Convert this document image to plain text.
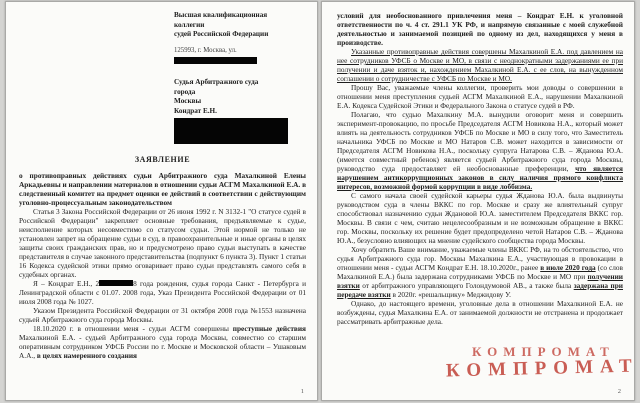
Высшая квалификационная
коллегии
судей Российской Федерации
125993, г. Москва, ул.
Судья Арбитражного суда
города
Москвы
Кондрат Е.Н.
ЗАЯВЛЕНИЕ

о противоправных действиях судьи Арбитражного суда Махалкиной Елены Аркадьевны и направлении материалов в отношении судьи АСГМ Махалкиной Е.А. в следственный комитет на предмет оценки ее действий в соответствии с действующим уголовно-процессуальным законодательством

Статья 3 Закона Российской Федерации от 26 июня 1992 г. N 3132-1 "О статусе судей в Российской Федерации" закрепляет основные требования, предъявляемые к судье, неисполнение которых несовместимо со статусом судьи. Этой нормой не только не установлен запрет на обращение судьи в суд, в правоохранительные и иные органы в целях защиты своих гражданских прав, но и предусмотрено право судьи выступать в качестве представителя в случае законного представительства (подпункт 6 пункта 3). Пункт 1 статьи 16 Кодекса судейской этики прямо оговаривает право судьи представлять самого себя в судебных органах.

Я – Кондрат Е.Н., 2	8 года рождения, судья города Санкт - Петербурга и Ленинградской области с 01.07. 2008 года, Указ Президента Российской Федерации от 01 июля 2008 года № 1027.

Указом Президента Российской Федерации от 31 октября 2008 года №1553 назначена судьей Арбитражного суда города Москвы.

18.10.2020 г. в отношении меня - судьи АСГМ совершены преступные действия Махалкиной Е.А. - судьей Арбитражного суда города Москвы, совместно со старшим оперативным сотрудником УФСБ России по г. Москве и Московской области – Ушаковым А.А., в целях намеренного создания

1

условий для необоснованного привлечения меня – Кондрат Е.Н. к уголовной ответственности по ч. 4 ст. 291.1 УК РФ, и напрямую связанные с моей служебной деятельностью и занимаемой позицией по одному из дел, находящихся у меня в производстве.

Указанные противоправные действия совершены Махалкиной Е.А. под давлением на нее сотрудников УФСБ о Москве и МО, в связи с неоднократными задержаниями ее при получении и даче взяток и, нахождением Махалкиной Е.А. с ее слов, на вынужденном соглашении о сотрудничестве с УФСБ по Москве и МО.

Прошу Вас, уважаемые члены коллегии, проверить мои доводы о совершении в отношении меня преступления судьей АСГМ Махалкиной Е.А., нарушении Махалкиной Е.А. Кодекса Судейской Этики и Федерального Закона о статусе судей в РФ.

Полагаю, что судью Махалкину М.А. вынудили оговорит меня и совершить эксперимент-провокацию, по просьбе Председателя АСГМ Новикова Н.А., который может влиять на деятельность сотрудников УФСБ по Москве и МО в силу того, что Заместитель начальника УФСБ по Москве и МО Натаров С.В. может находится в зависимости от Председателя АСГМ Новикова Н.А., поскольку супруга Натарова С.В. – Жданова Ю.А. (имеется совместный ребенок) является судьей Арбитражного суда города Москвы, руководство суда предоставляет ей необоснованные преференции, что является нарушением антикоррупционных законов в силу наличия прямого конфликта интересов, возможной формой коррупции в виде лоббизма.

С самого начала своей судейской карьеры судья Жданова Ю.А. была выдвинуты руководством суда в члены ВККС по гор. Москве и сразу же влиятельный супруг способствовал назначению судьи Ждановой Ю.А. заместителем Председателя ВККС гор. Москвы. В связи с чем, считаю нецелесообразным и не возможным обращение в ВККС гор. Москвы, поскольку их решение будет предопределено четой Натаров С.В. – Жданова Ю.А., безусловно влияющих на мнение судейского сообщества города Москвы.

Хочу обратить Ваше внимание, уважаемые члены ВККС РФ, на то обстоятельство, что судья Арбитражного суда гор. Москвы Махалкина Е.А., участвующая в провокации в отношении меня - судьи АСГМ Кондрат Е.Н. 18.10.2020г., ранее в июле 2020 года (со слов Махалкиной Е.А.) была задержана сотрудниками УФСБ по Москве и МО при получении взятки от арбитражного управляющего Голондумовой АВ., а также была задержана при передаче взятки в 2020г. «решальщику» Меджидову У.

Однако, до настоящего времени, уголовные дела в отношении Махалкиной Е.А. не возбуждены, судья Махалкина Е.А. от занимаемой должности не отстранена и продолжает рассматривать арбитражные дела.

КОМПРОМАТ
КОМПРОМАТ
2
